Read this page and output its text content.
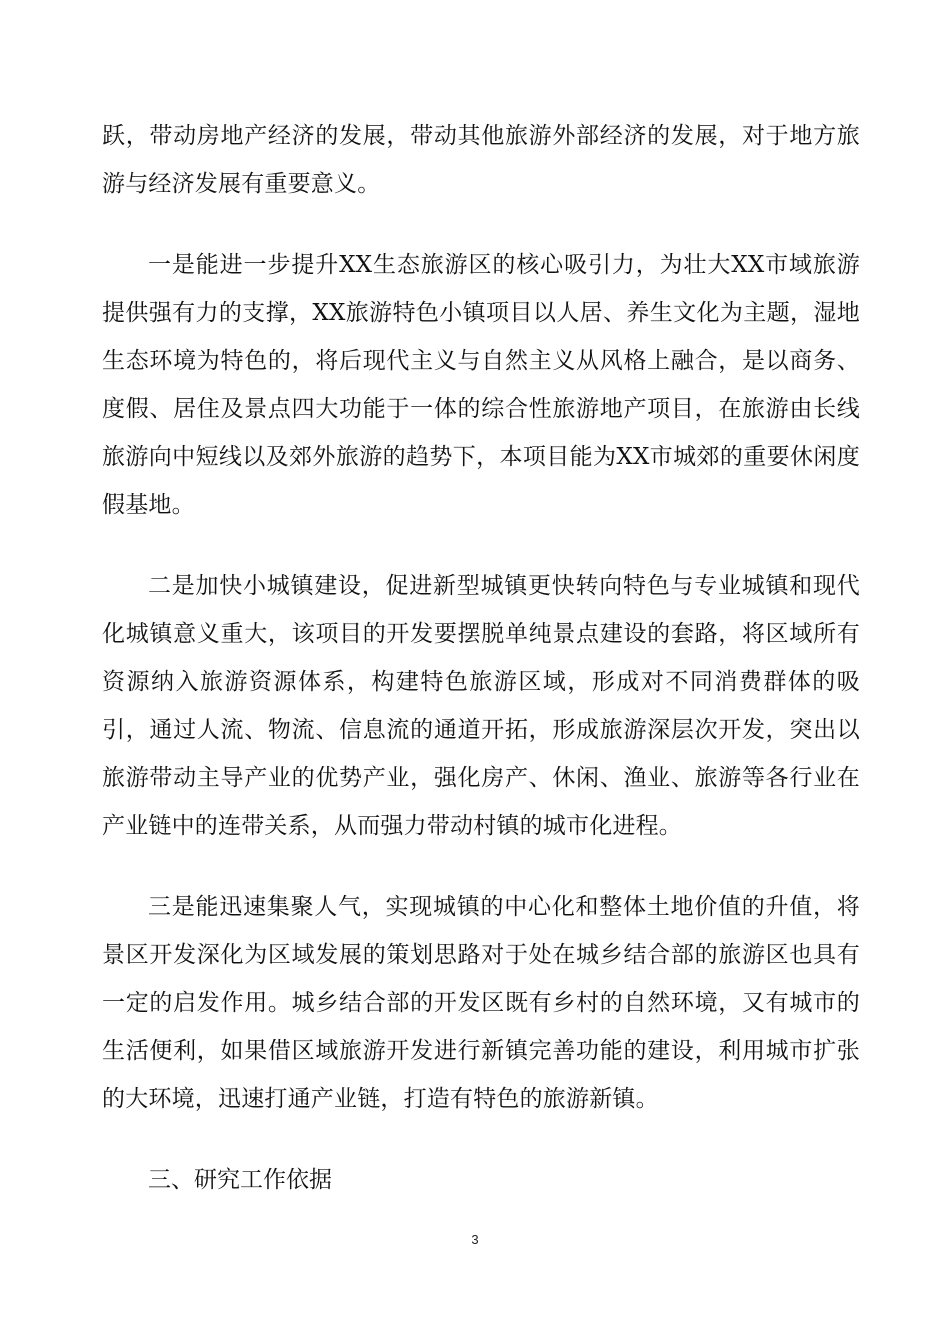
跃，带动房地产经济的发展，带动其他旅游外部经济的发展，对于地方旅游与经济发展有重要意义。

一是能进一步提升XX生态旅游区的核心吸引力，为壮大XX市域旅游提供强有力的支撑，XX旅游特色小镇项目以人居、养生文化为主题，湿地生态环境为特色的，将后现代主义与自然主义从风格上融合，是以商务、度假、居住及景点四大功能于一体的综合性旅游地产项目，在旅游由长线旅游向中短线以及郊外旅游的趋势下，本项目能为XX市城郊的重要休闲度假基地。

二是加快小城镇建设，促进新型城镇更快转向特色与专业城镇和现代化城镇意义重大，该项目的开发要摆脱单纯景点建设的套路，将区域所有资源纳入旅游资源体系，构建特色旅游区域，形成对不同消费群体的吸引，通过人流、物流、信息流的通道开拓，形成旅游深层次开发，突出以旅游带动主导产业的优势产业，强化房产、休闲、渔业、旅游等各行业在产业链中的连带关系，从而强力带动村镇的城市化进程。

三是能迅速集聚人气，实现城镇的中心化和整体土地价值的升值，将景区开发深化为区域发展的策划思路对于处在城乡结合部的旅游区也具有一定的启发作用。城乡结合部的开发区既有乡村的自然环境，又有城市的生活便利，如果借区域旅游开发进行新镇完善功能的建设，利用城市扩张的大环境，迅速打通产业链，打造有特色的旅游新镇。

三、研究工作依据

3
